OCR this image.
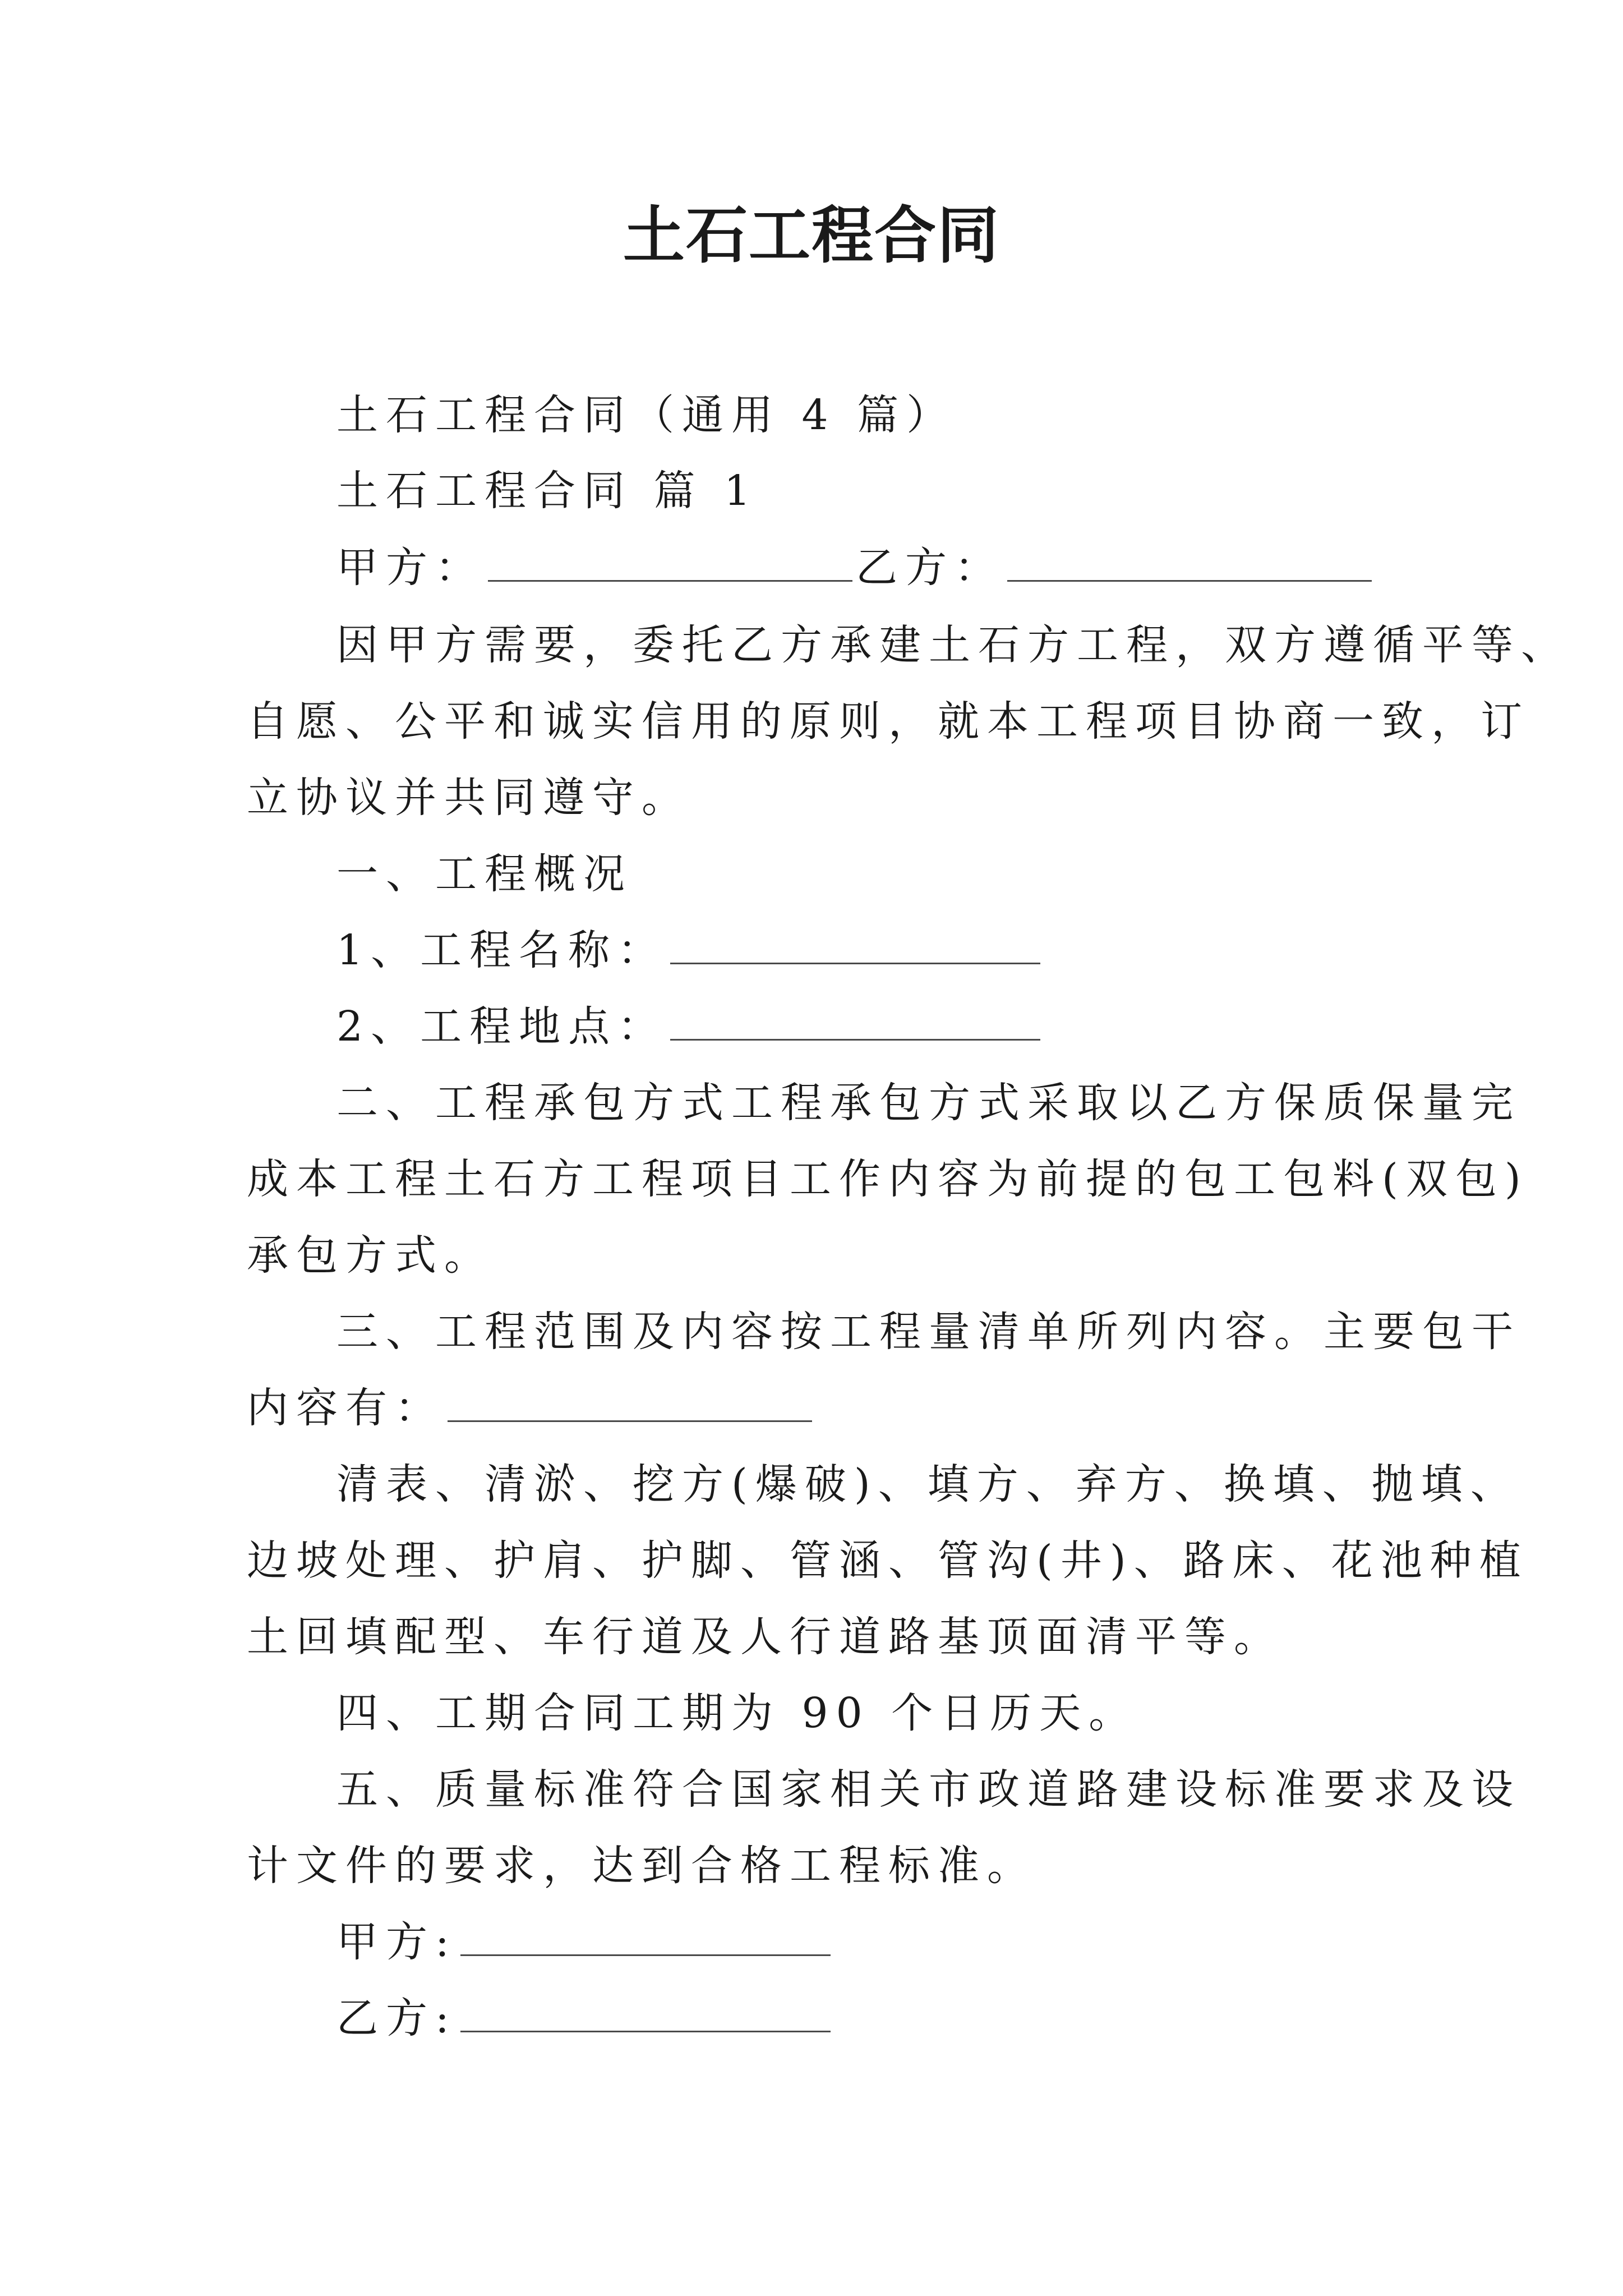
土石工程合同
土石工程合同（通用 4 篇）
土石工程合同 篇 1
甲方：	乙方：
因甲方需要，委托乙方承建土石方工程，双方遵循平等、
自愿、公平和诚实信用的原则，就本工程项目协商一致，订
立协议并共同遵守。
一、工程概况
1、工程名称：
2、工程地点：
二、工程承包方式工程承包方式采取以乙方保质保量完
成本工程土石方工程项目工作内容为前提的包工包料(双包)
承包方式。
三、工程范围及内容按工程量清单所列内容。主要包干
内容有：
清表、清淤、挖方(爆破)、填方、弃方、换填、抛填、
边坡处理、护肩、护脚、管涵、管沟(井)、路床、花池种植
土回填配型、车行道及人行道路基顶面清平等。
四、工期合同工期为 90 个日历天。
五、质量标准符合国家相关市政道路建设标准要求及设
计文件的要求，达到合格工程标准。
甲方:
乙方:
